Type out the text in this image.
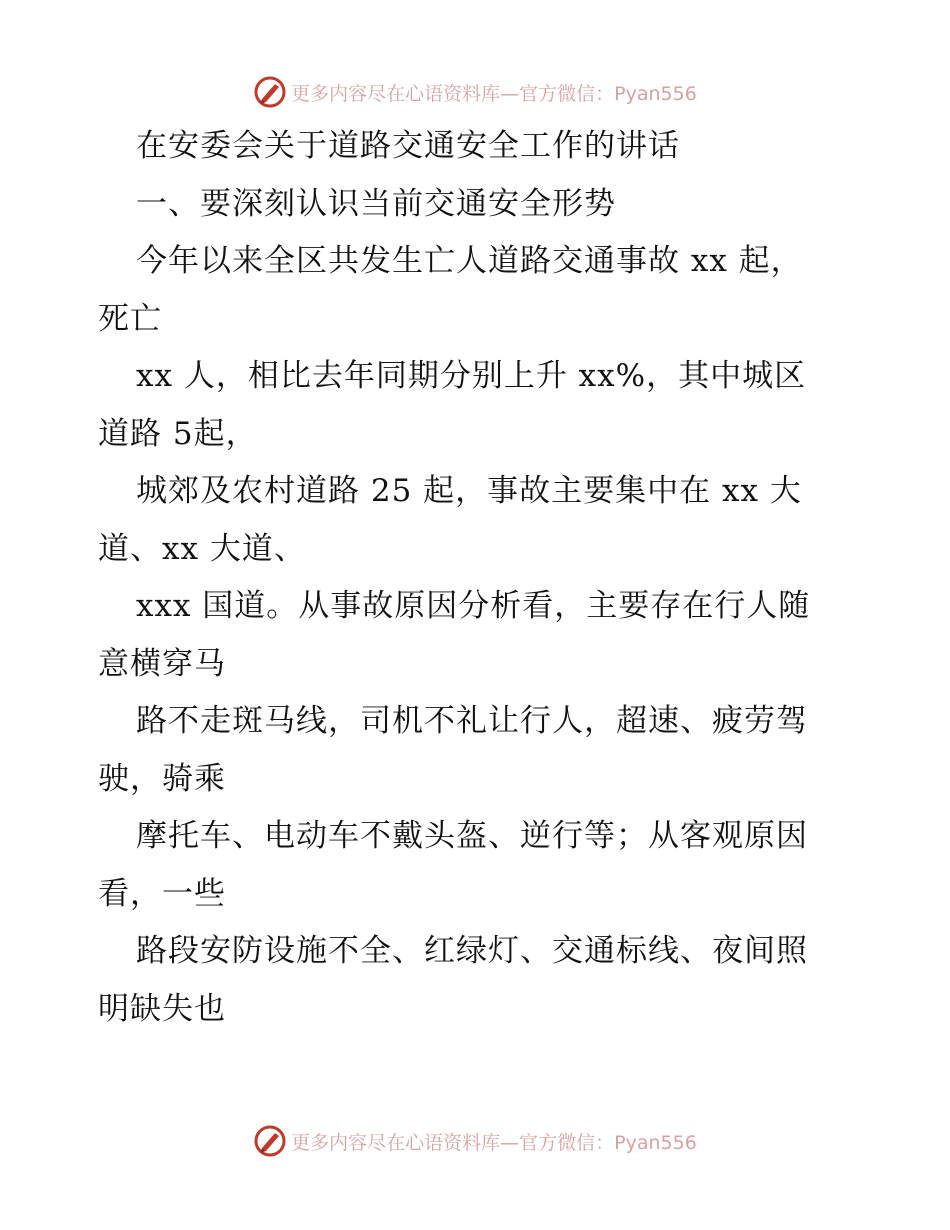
更多内容尽在心语资料库—官方微信：Pyan556

在安委会关于道路交通安全工作的讲话

一、要深刻认识当前交通安全形势

今年以来全区共发生亡人道路交通事故 xx 起，

死亡

xx 人，相比去年同期分别上升 xx%，其中城区

道路 5起，

城郊及农村道路 25 起，事故主要集中在 xx 大

道、xx 大道、

xxx 国道。从事故原因分析看，主要存在行人随

意横穿马

路不走斑马线，司机不礼让行人，超速、疲劳驾

驶，骑乘

摩托车、电动车不戴头盔、逆行等；从客观原因

看，一些

路段安防设施不全、红绿灯、交通标线、夜间照

明缺失也

更多内容尽在心语资料库—官方微信：Pyan556
